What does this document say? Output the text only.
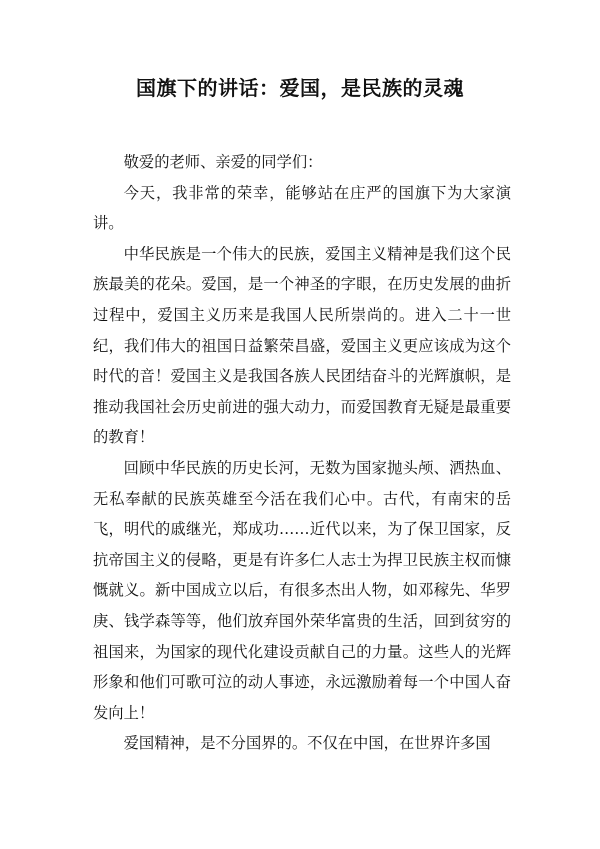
国旗下的讲话：爱国，是民族的灵魂

敬爱的老师、亲爱的同学们：

今天，我非常的荣幸，能够站在庄严的国旗下为大家演讲。

中华民族是一个伟大的民族，爱国主义精神是我们这个民族最美的花朵。爱国，是一个神圣的字眼，在历史发展的曲折过程中，爱国主义历来是我国人民所崇尚的。进入二十一世纪，我们伟大的祖国日益繁荣昌盛，爱国主义更应该成为这个时代的音！爱国主义是我国各族人民团结奋斗的光辉旗帜，是推动我国社会历史前进的强大动力，而爱国教育无疑是最重要的教育！

回顾中华民族的历史长河，无数为国家抛头颅、洒热血、无私奉献的民族英雄至今活在我们心中。古代，有南宋的岳飞，明代的戚继光，郑成功……近代以来，为了保卫国家，反抗帝国主义的侵略，更是有许多仁人志士为捍卫民族主权而慷慨就义。新中国成立以后，有很多杰出人物，如邓稼先、华罗庚、钱学森等等，他们放弃国外荣华富贵的生活，回到贫穷的祖国来，为国家的现代化建设贡献自己的力量。这些人的光辉形象和他们可歌可泣的动人事迹，永远激励着每一个中国人奋发向上！

爱国精神，是不分国界的。不仅在中国，在世界许多国
